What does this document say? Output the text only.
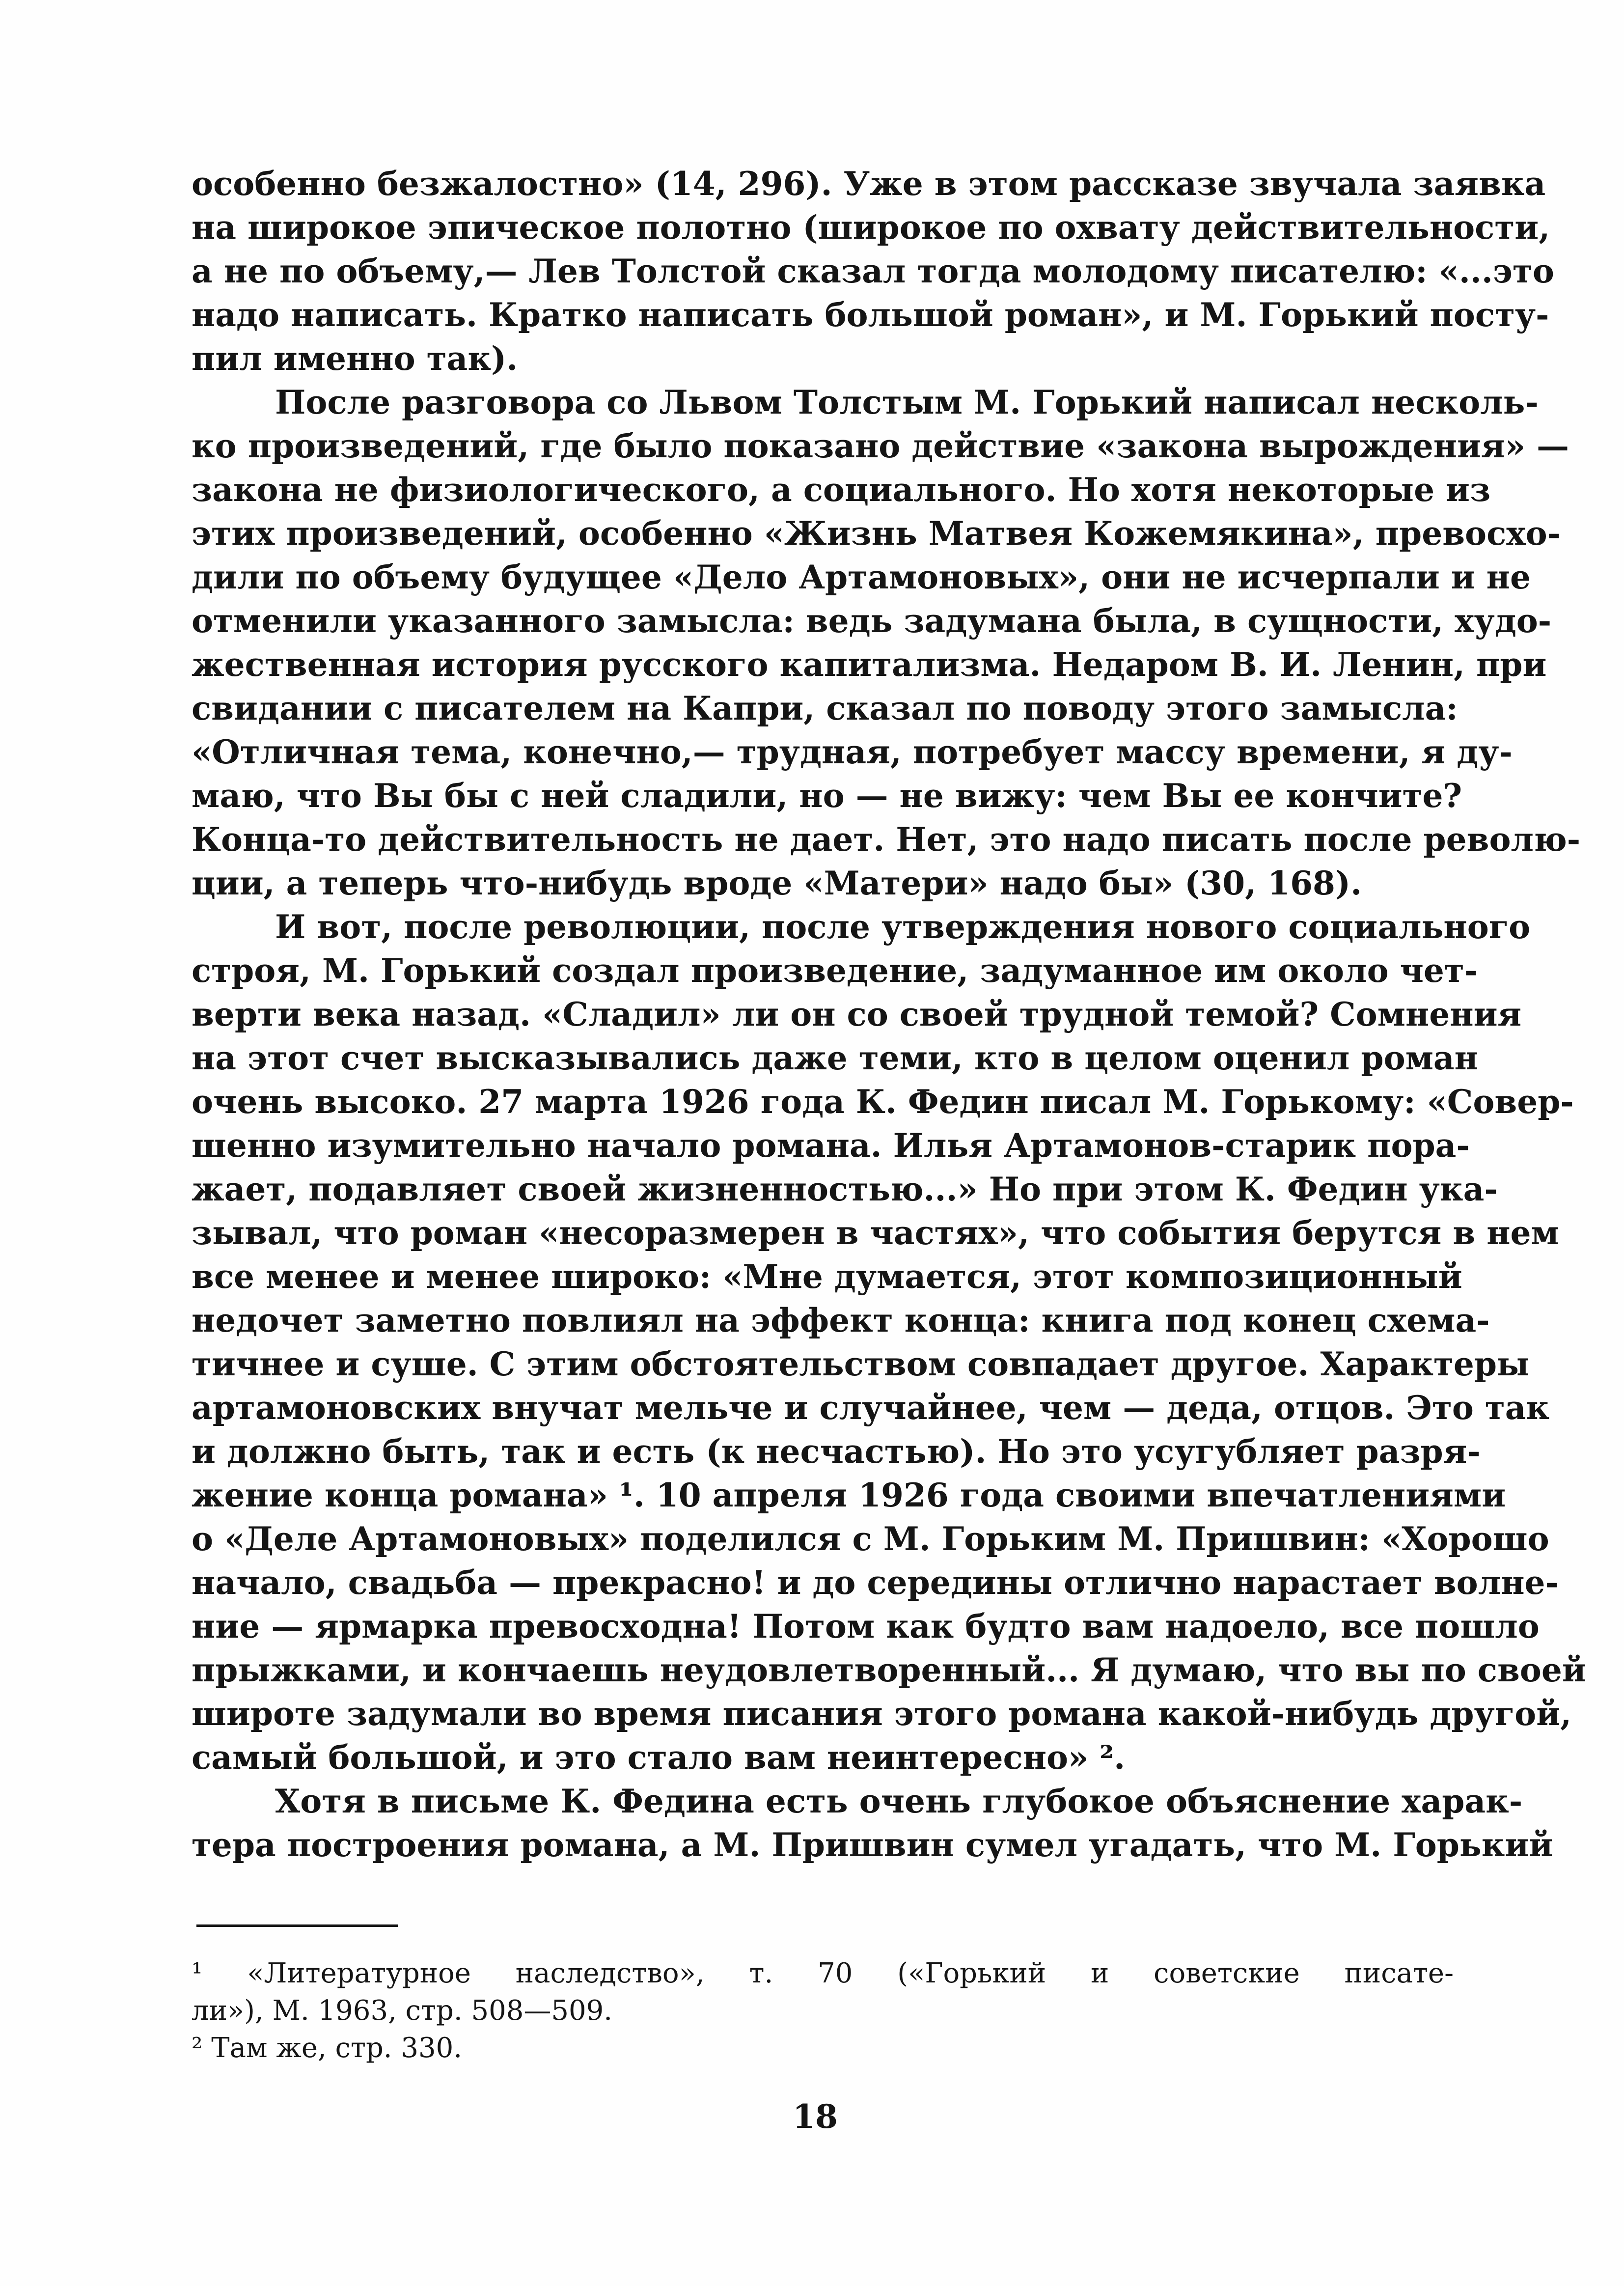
особенно безжалостно» (14, 296). Уже в этом рассказе звучала заявка
на широкое эпическое полотно (широкое по охвату действительности,
а не по объему,— Лев Толстой сказал тогда молодому писателю: «...это
надо написать. Кратко написать большой роман», и М. Горький посту-
пил именно так).
После разговора со Львом Толстым М. Горький написал несколь-
ко произведений, где было показано действие «закона вырождения» —
закона не физиологического, а социального. Но хотя некоторые из
этих произведений, особенно «Жизнь Матвея Кожемякина», превосхо-
дили по объему будущее «Дело Артамоновых», они не исчерпали и не
отменили указанного замысла: ведь задумана была, в сущности, худо-
жественная история русского капитализма. Недаром В. И. Ленин, при
свидании с писателем на Капри, сказал по поводу этого замысла:
«Отличная тема, конечно,— трудная, потребует массу времени, я ду-
маю, что Вы бы с ней сладили, но — не вижу: чем Вы ее кончите?
Конца-то действительность не дает. Нет, это надо писать после револю-
ции, а теперь что-нибудь вроде «Матери» надо бы» (30, 168).
И вот, после революции, после утверждения нового социального
строя, М. Горький создал произведение, задуманное им около чет-
верти века назад. «Сладил» ли он со своей трудной темой? Сомнения
на этот счет высказывались даже теми, кто в целом оценил роман
очень высоко. 27 марта 1926 года К. Федин писал М. Горькому: «Совер-
шенно изумительно начало романа. Илья Артамонов-старик пора-
жает, подавляет своей жизненностью...» Но при этом К. Федин ука-
зывал, что роман «несоразмерен в частях», что события берутся в нем
все менее и менее широко: «Мне думается, этот композиционный
недочет заметно повлиял на эффект конца: книга под конец схема-
тичнее и суше. С этим обстоятельством совпадает другое. Характеры
артамоновских внучат мельче и случайнее, чем — деда, отцов. Это так
и должно быть, так и есть (к несчастью). Но это усугубляет разря-
жение конца романа» ¹. 10 апреля 1926 года своими впечатлениями
о «Деле Артамоновых» поделился с М. Горьким М. Пришвин: «Хорошо
начало, свадьба — прекрасно! и до середины отлично нарастает волне-
ние — ярмарка превосходна! Потом как будто вам надоело, все пошло
прыжками, и кончаешь неудовлетворенный... Я думаю, что вы по своей
широте задумали во время писания этого романа какой-нибудь другой,
самый большой, и это стало вам неинтересно» ².
Хотя в письме К. Федина есть очень глубокое объяснение харак-
тера построения романа, а М. Пришвин сумел угадать, что М. Горький
¹ «Литературное наследство», т. 70 («Горький и советские писате-
ли»), М. 1963, стр. 508—509.
² Там же, стр. 330.
18
